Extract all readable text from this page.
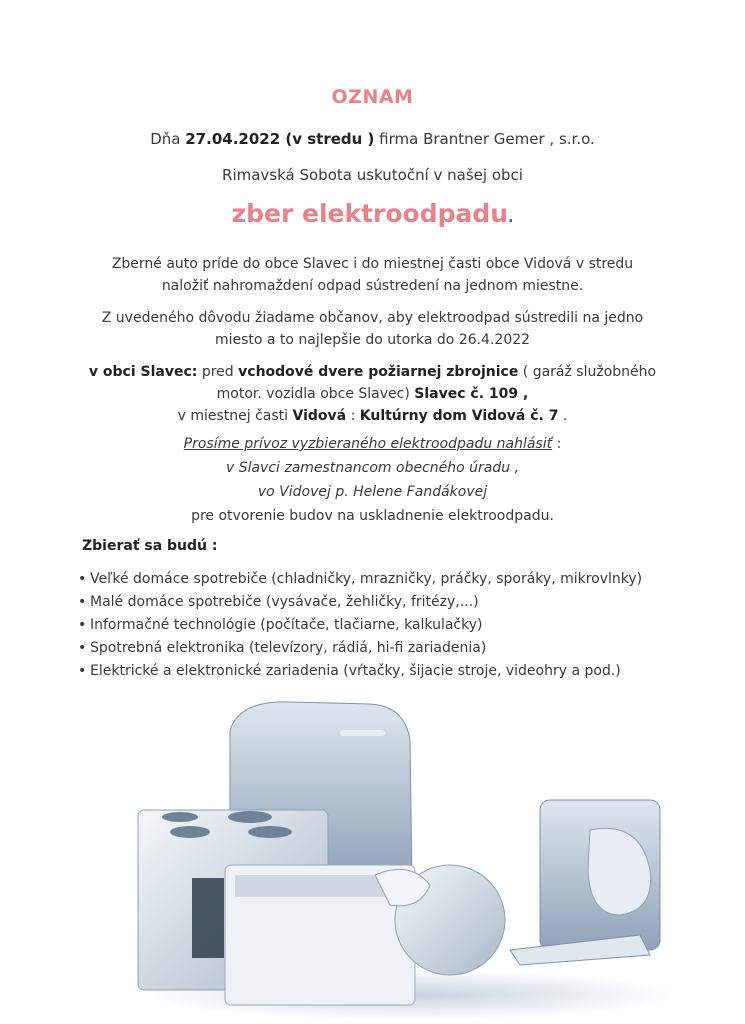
OZNAM
Dňa 27.04.2022 (v stredu ) firma Brantner Gemer , s.r.o.
Rimavská Sobota uskutoční v našej obci
zber elektroodpadu.
Zberné auto príde do obce Slavec i do miestnej časti obce Vidová v stredu
naložiť nahromaždení odpad sústredení na jednom miestne.
Z uvedeného dôvodu žiadame občanov, aby elektroodpad sústredili na jedno
miesto a to najlepšie do utorka do 26.4.2022
v obci Slavec: pred vchodové dvere požiarnej zbrojnice ( garáž služobného
motor. vozidla obce Slavec) Slavec č. 109 ,
v miestnej časti Vidová : Kultúrny dom Vidová č. 7 .
Prosíme prívoz vyzbieraného elektroodpadu nahlásiť :
v Slavci zamestnancom obecného úradu ,
vo Vidovej p. Helene Fandákovej
pre otvorenie budov na uskladnenie elektroodpadu.
Zbierať sa budú :
• Veľké domáce spotrebiče (chladničky, mrazničky, práčky, sporáky, mikrovlnky)
• Malé domáce spotrebiče (vysávače, žehličky, fritézy,...)
• Informačné technológie (počítače, tlačiarne, kalkulačky)
• Spotrebná elektronika (televízory, rádiá, hi-fi zariadenia)
• Elektrické a elektronické zariadenia (vŕtačky, šijacie stroje, videohry a pod.)
